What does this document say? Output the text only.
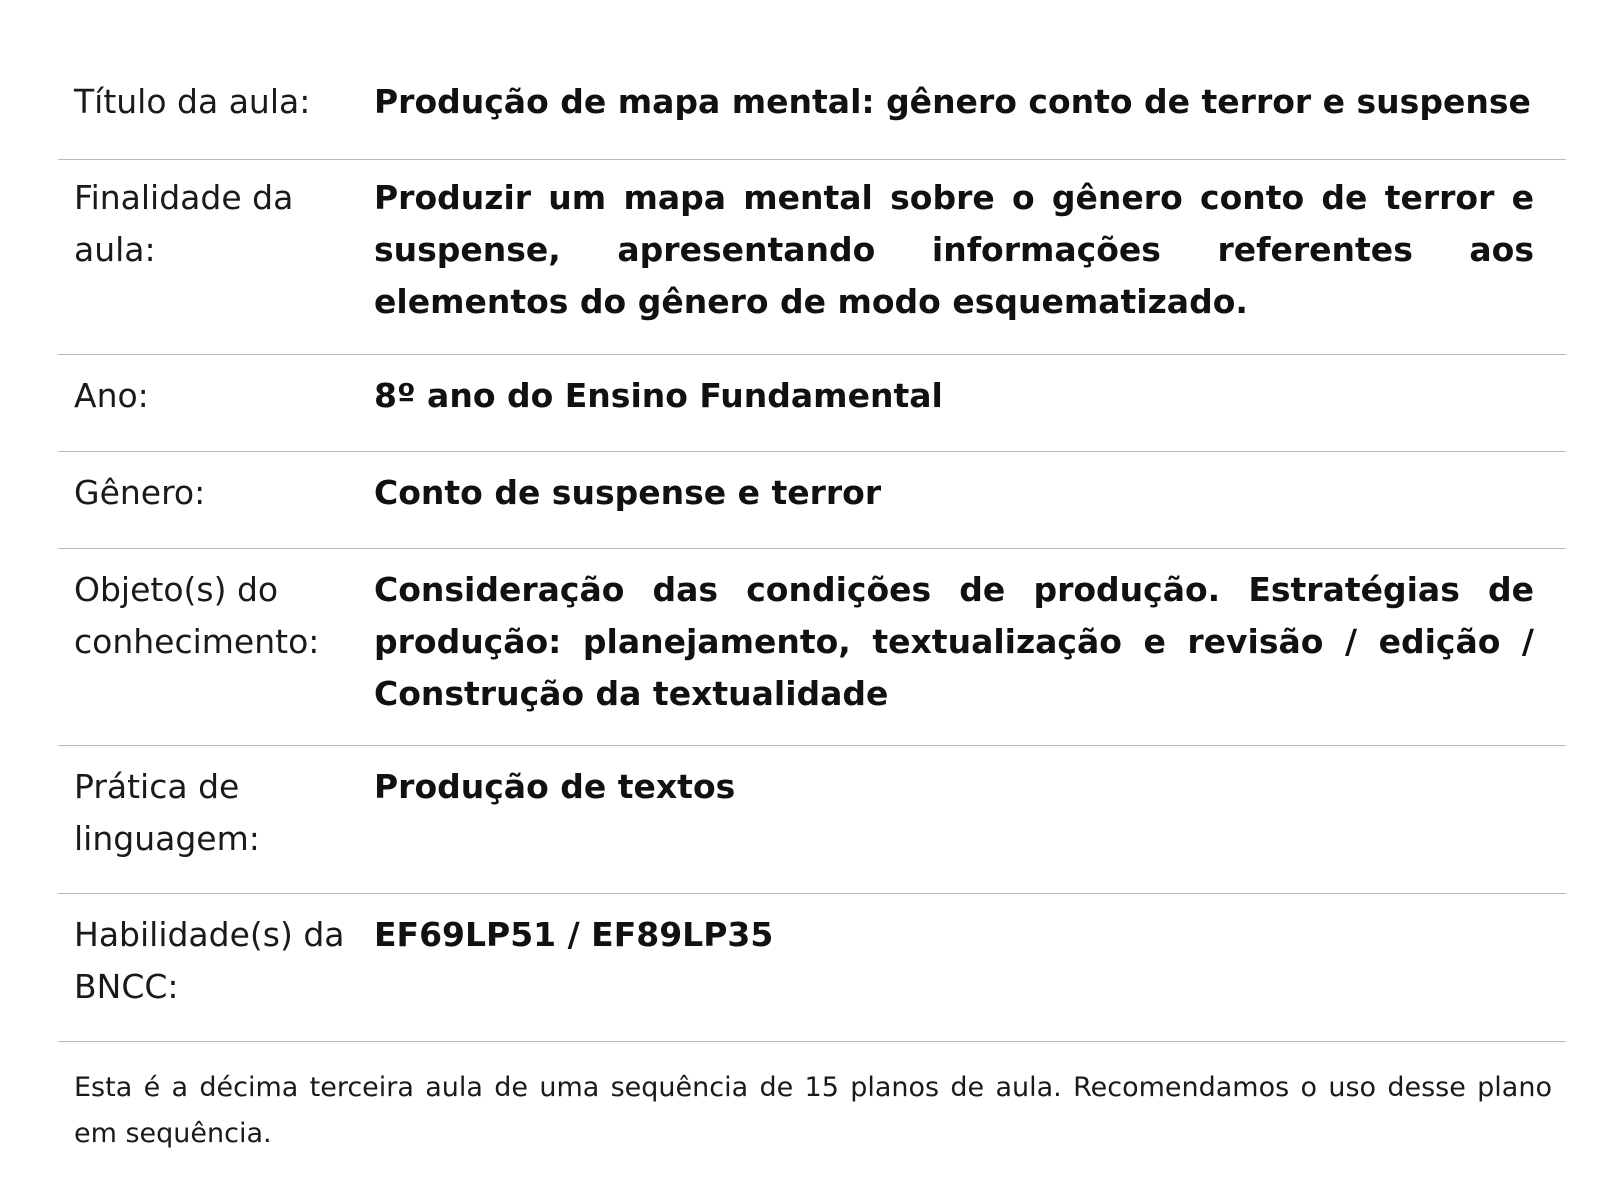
Título da aula:	Produção de mapa mental: gênero conto de terror e suspense
Finalidade da aula:
Produzir um mapa mental sobre o gênero conto de terror e suspense, apresentando informações referentes aos elementos do gênero de modo esquematizado.
Ano:	8º ano do Ensino Fundamental
Gênero:	Conto de suspense e terror
Objeto(s) do conhecimento:
Consideração das condições de produção. Estratégias de produção: planejamento, textualização e revisão / edição / Construção da textualidade
Prática de linguagem:
Produção de textos
Habilidade(s) da BNCC:
EF69LP51 / EF89LP35
Esta é a décima terceira aula de uma sequência de 15 planos de aula. Recomendamos o uso desse plano em sequência.
